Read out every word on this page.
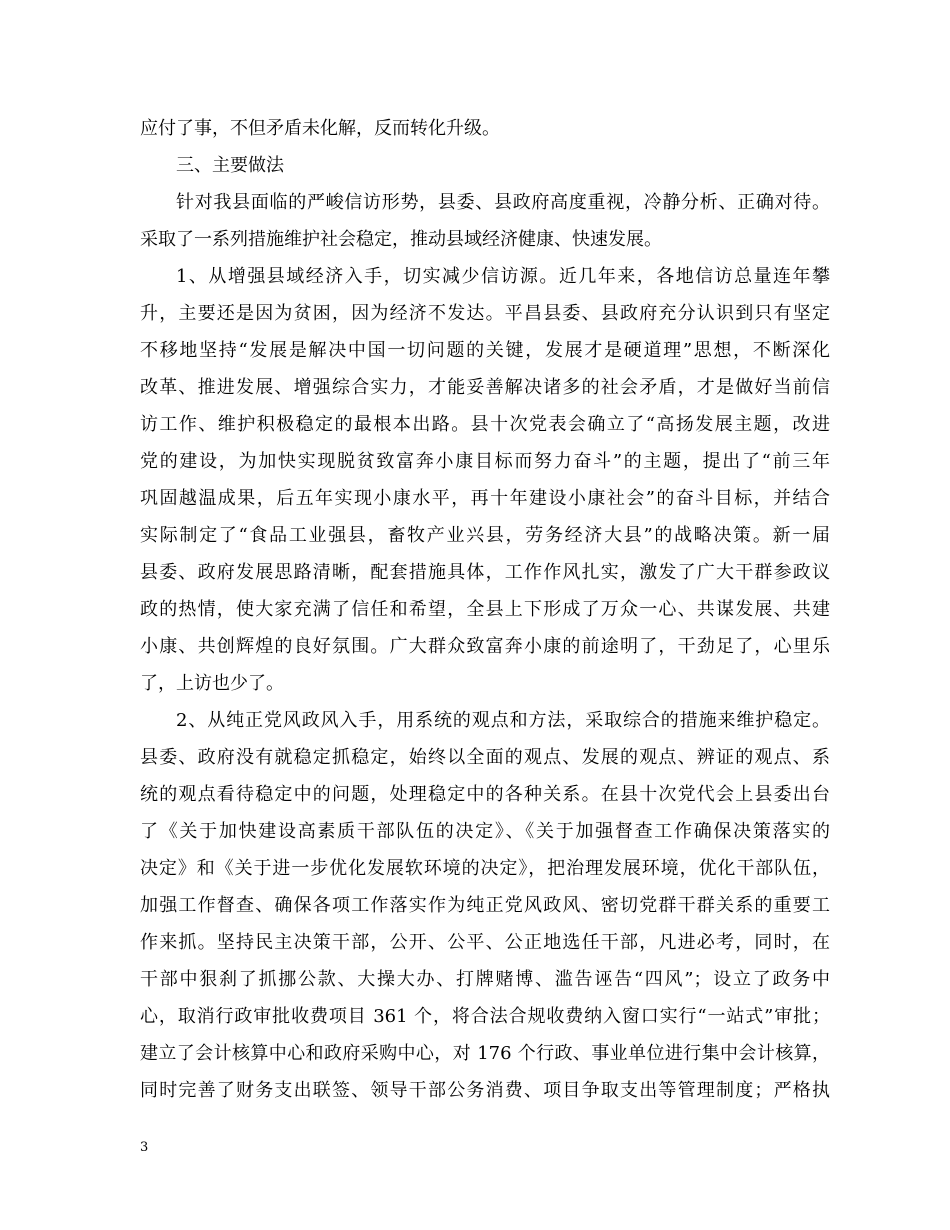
应付了事，不但矛盾未化解，反而转化升级。
三、主要做法
针对我县面临的严峻信访形势，县委、县政府高度重视，冷静分析、正确对待。
采取了一系列措施维护社会稳定，推动县域经济健康、快速发展。
1、从增强县域经济入手，切实减少信访源。近几年来，各地信访总量连年攀
升，主要还是因为贫困，因为经济不发达。平昌县委、县政府充分认识到只有坚定
不移地坚持“发展是解决中国一切问题的关键，发展才是硬道理”思想，不断深化
改革、推进发展、增强综合实力，才能妥善解决诸多的社会矛盾，才是做好当前信
访工作、维护积极稳定的最根本出路。县十次党表会确立了“高扬发展主题，改进
党的建设，为加快实现脱贫致富奔小康目标而努力奋斗”的主题，提出了“前三年
巩固越温成果，后五年实现小康水平，再十年建设小康社会”的奋斗目标，并结合
实际制定了“食品工业强县，畜牧产业兴县，劳务经济大县”的战略决策。新一届
县委、政府发展思路清晰，配套措施具体，工作作风扎实，激发了广大干群参政议
政的热情，使大家充满了信任和希望，全县上下形成了万众一心、共谋发展、共建
小康、共创辉煌的良好氛围。广大群众致富奔小康的前途明了，干劲足了，心里乐
了，上访也少了。
2、从纯正党风政风入手，用系统的观点和方法，采取综合的措施来维护稳定。
县委、政府没有就稳定抓稳定，始终以全面的观点、发展的观点、辨证的观点、系
统的观点看待稳定中的问题，处理稳定中的各种关系。在县十次党代会上县委出台
了《关于加快建设高素质干部队伍的决定》、《关于加强督查工作确保决策落实的
决定》和《关于进一步优化发展软环境的决定》，把治理发展环境，优化干部队伍，
加强工作督查、确保各项工作落实作为纯正党风政风、密切党群干群关系的重要工
作来抓。坚持民主决策干部，公开、公平、公正地选任干部，凡进必考，同时，在
干部中狠刹了抓挪公款、大操大办、打牌赌博、滥告诬告“四风”；设立了政务中
心，取消行政审批收费项目 361 个，将合法合规收费纳入窗口实行“一站式”审批；
建立了会计核算中心和政府采购中心，对 176 个行政、事业单位进行集中会计核算，
同时完善了财务支出联签、领导干部公务消费、项目争取支出等管理制度；严格执
3
